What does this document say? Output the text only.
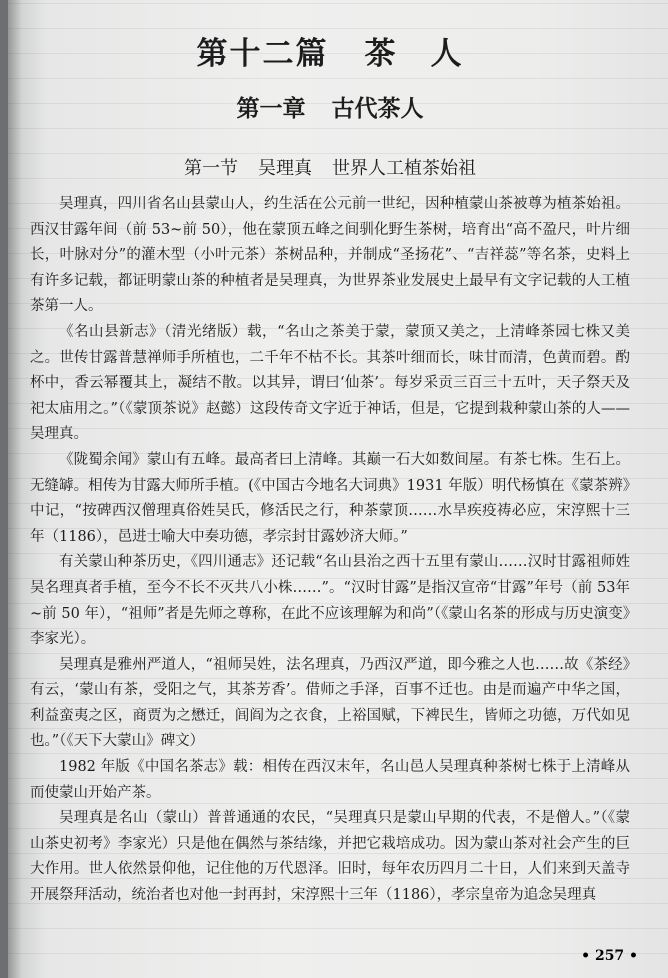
第十二篇 茶　人
第一章 古代茶人
第一节 吴理真 世界人工植茶始祖

吴理真，四川省名山县蒙山人，约生活在公元前一世纪，因种植蒙山茶被尊为植茶始祖。西汉甘露年间（前 53~前 50），他在蒙顶五峰之间驯化野生茶树，培育出“高不盈尺，叶片细长，叶脉对分”的灌木型（小叶元茶）茶树品种，并制成“圣扬花”、“吉祥蕊”等名茶，史料上有许多记载，都证明蒙山茶的种植者是吴理真，为世界茶业发展史上最早有文字记载的人工植茶第一人。

《名山县新志》（清光绪版）载，“名山之茶美于蒙，蒙顶又美之，上清峰茶园七株又美之。世传甘露普慧禅师手所植也，二千年不枯不长。其茶叶细而长，味甘而清，色黄而碧。酌杯中，香云幂覆其上，凝结不散。以其异，谓曰‘仙茶’。每岁采贡三百三十五叶，天子祭天及祀太庙用之。”（《蒙顶茶说》赵懿）这段传奇文字近于神话，但是，它提到栽种蒙山茶的人——吴理真。

《陇蜀余闻》蒙山有五峰。最高者曰上清峰。其巅一石大如数间屋。有茶七株。生石上。无缝罅。相传为甘露大师所手植。(《中国古今地名大词典》1931 年版）明代杨慎在《蒙茶辨》中记，“按碑西汉僧理真俗姓吴氏，修活民之行，种茶蒙顶……水旱疾疫祷必应，宋淳熙十三年（1186），邑进士喻大中奏功德，孝宗封甘露妙济大师。”

有关蒙山种茶历史，《四川通志》还记载“名山县治之西十五里有蒙山……汉时甘露祖师姓吴名理真者手植，至今不长不灭共八小株……”。“汉时甘露”是指汉宣帝“甘露”年号（前 53年~前 50 年），“祖师”者是先师之尊称，在此不应该理解为和尚”（《蒙山名茶的形成与历史演变》李家光）。

吴理真是雅州严道人，“祖师吴姓，法名理真，乃西汉严道，即今雅之人也……故《茶经》有云，‘蒙山有茶，受阳之气，其茶芳香’。借师之手泽，百事不迁也。由是而遍产中华之国，利益蛮夷之区，商贾为之懋迁，闾阎为之衣食，上裕国赋，下裨民生，皆师之功德，万代如见也。”（《天下大蒙山》碑文）

1982 年版《中国名茶志》载：相传在西汉末年，名山邑人吴理真种茶树七株于上清峰从而使蒙山开始产茶。

吴理真是名山（蒙山）普普通通的农民，“吴理真只是蒙山早期的代表，不是僧人。”（《蒙山茶史初考》李家光）只是他在偶然与茶结缘，并把它栽培成功。因为蒙山茶对社会产生的巨大作用。世人依然景仰他，记住他的万代恩泽。旧时，每年农历四月二十日，人们来到天盖寺开展祭拜活动，统治者也对他一封再封，宋淳熙十三年（1186），孝宗皇帝为追念吴理真

• 257 •
